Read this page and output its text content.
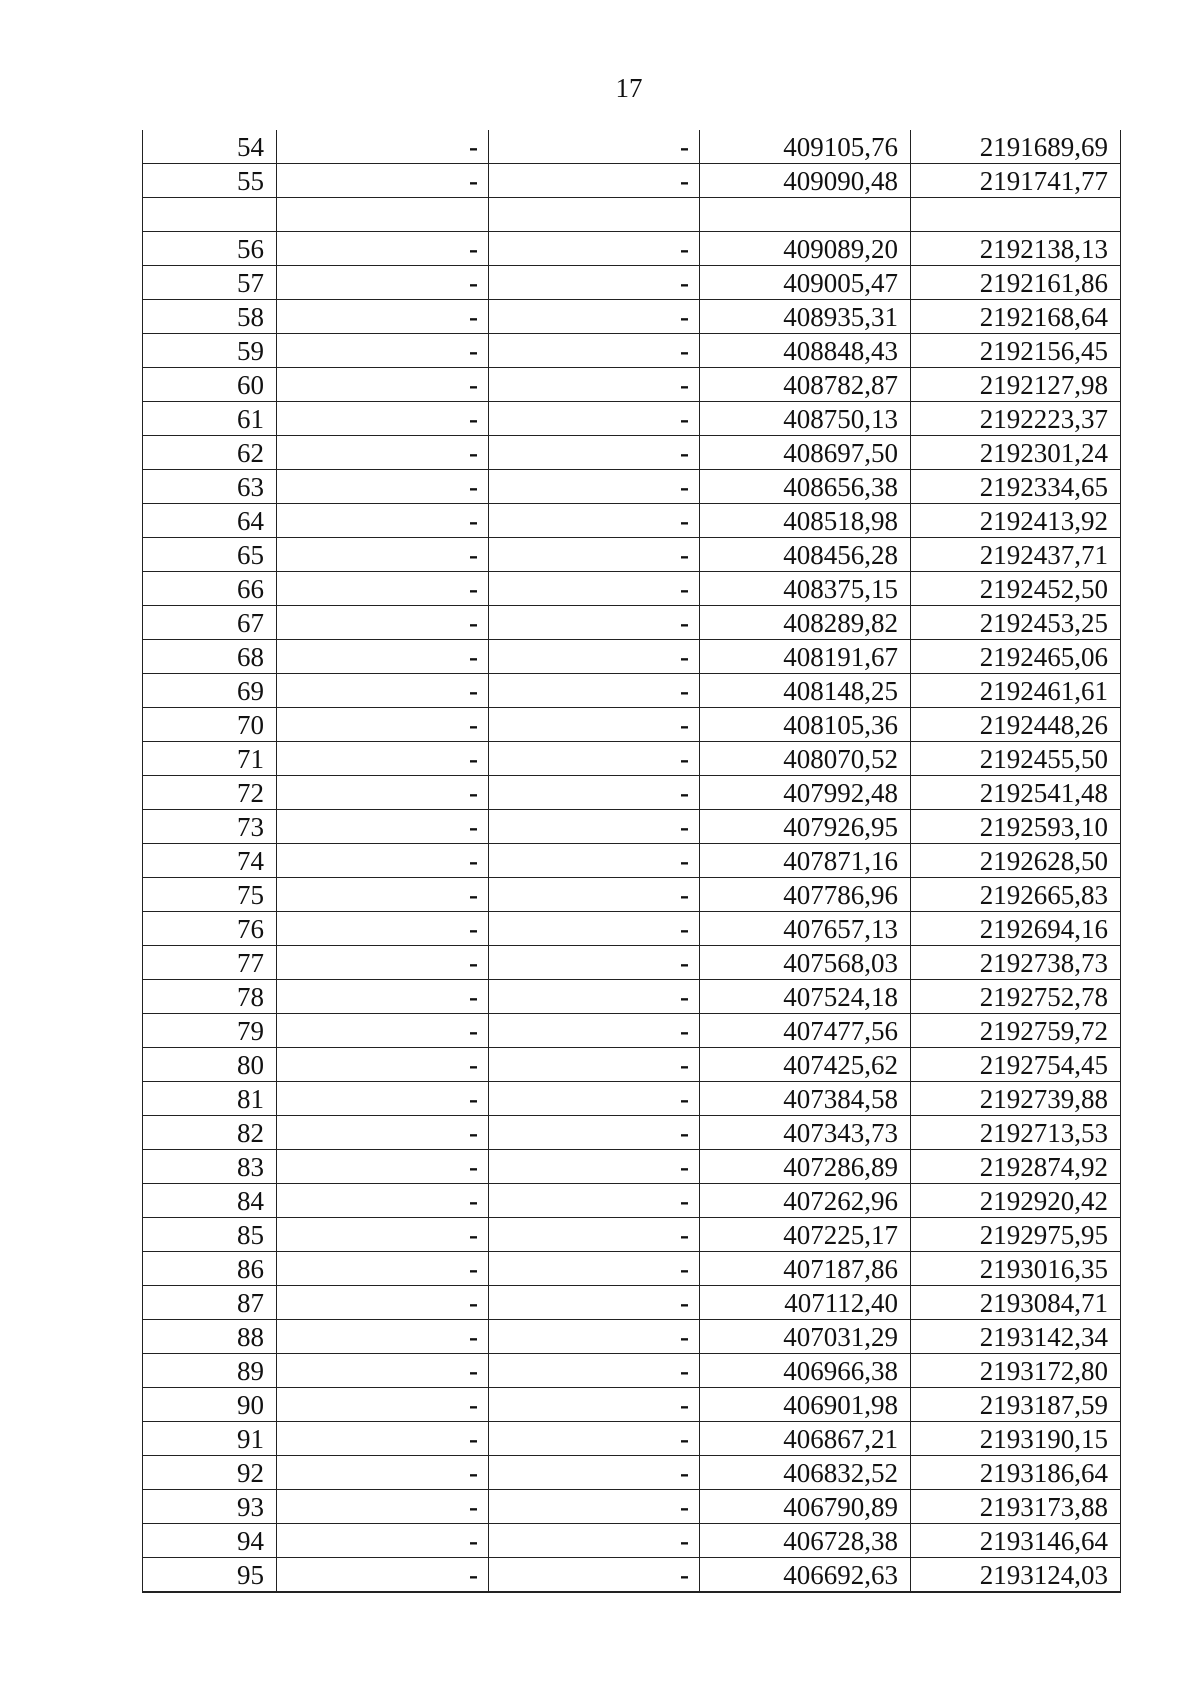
17
54	-	-	409105,76	2191689,69
55	-	-	409090,48	2191741,77

56	-	-	409089,20	2192138,13
57	-	-	409005,47	2192161,86
58	-	-	408935,31	2192168,64
59	-	-	408848,43	2192156,45
60	-	-	408782,87	2192127,98
61	-	-	408750,13	2192223,37
62	-	-	408697,50	2192301,24
63	-	-	408656,38	2192334,65
64	-	-	408518,98	2192413,92
65	-	-	408456,28	2192437,71
66	-	-	408375,15	2192452,50
67	-	-	408289,82	2192453,25
68	-	-	408191,67	2192465,06
69	-	-	408148,25	2192461,61
70	-	-	408105,36	2192448,26
71	-	-	408070,52	2192455,50
72	-	-	407992,48	2192541,48
73	-	-	407926,95	2192593,10
74	-	-	407871,16	2192628,50
75	-	-	407786,96	2192665,83
76	-	-	407657,13	2192694,16
77	-	-	407568,03	2192738,73
78	-	-	407524,18	2192752,78
79	-	-	407477,56	2192759,72
80	-	-	407425,62	2192754,45
81	-	-	407384,58	2192739,88
82	-	-	407343,73	2192713,53
83	-	-	407286,89	2192874,92
84	-	-	407262,96	2192920,42
85	-	-	407225,17	2192975,95
86	-	-	407187,86	2193016,35
87	-	-	407112,40	2193084,71
88	-	-	407031,29	2193142,34
89	-	-	406966,38	2193172,80
90	-	-	406901,98	2193187,59
91	-	-	406867,21	2193190,15
92	-	-	406832,52	2193186,64
93	-	-	406790,89	2193173,88
94	-	-	406728,38	2193146,64
95	-	-	406692,63	2193124,03
